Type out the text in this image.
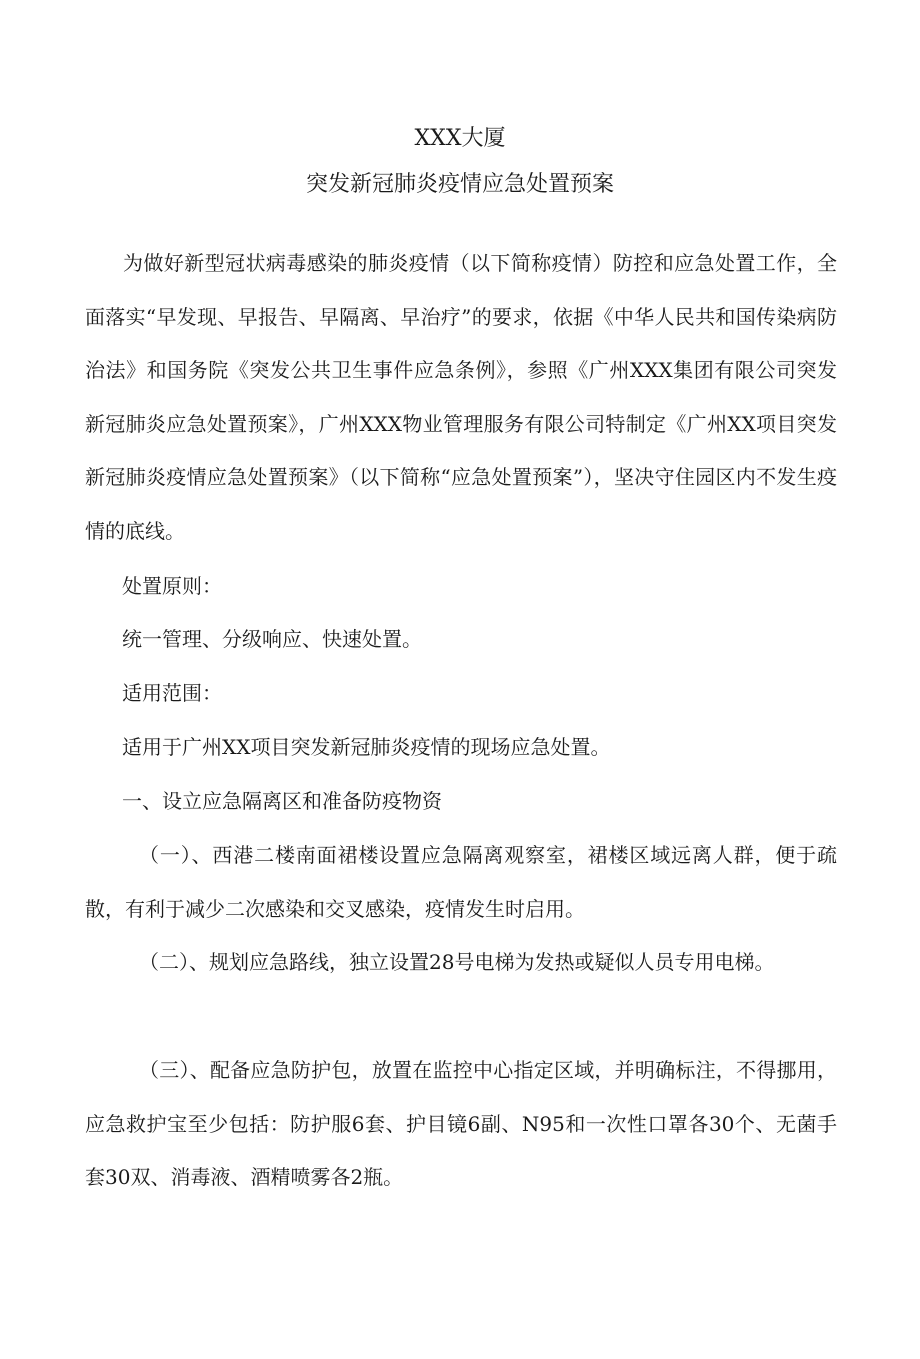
XXX大厦
突发新冠肺炎疫情应急处置预案

为做好新型冠状病毒感染的肺炎疫情（以下简称疫情）防控和应急处置工作，全面落实“早发现、早报告、早隔离、早治疗”的要求，依据《中华人民共和国传染病防治法》和国务院《突发公共卫生事件应急条例》，参照《广州XXX集团有限公司突发新冠肺炎应急处置预案》，广州XXX物业管理服务有限公司特制定《广州XX项目突发新冠肺炎疫情应急处置预案》（以下简称“应急处置预案”），坚决守住园区内不发生疫情的底线。

处置原则：

统一管理、分级响应、快速处置。

适用范围：

适用于广州XX项目突发新冠肺炎疫情的现场应急处置。

一、设立应急隔离区和准备防疫物资

（一）、西港二楼南面裙楼设置应急隔离观察室，裙楼区域远离人群，便于疏散，有利于减少二次感染和交叉感染，疫情发生时启用。

（二）、规划应急路线，独立设置28号电梯为发热或疑似人员专用电梯。

（三）、配备应急防护包，放置在监控中心指定区域，并明确标注，不得挪用，应急救护宝至少包括：防护服6套、护目镜6副、N95和一次性口罩各30个、无菌手套30双、消毒液、酒精喷雾各2瓶。
